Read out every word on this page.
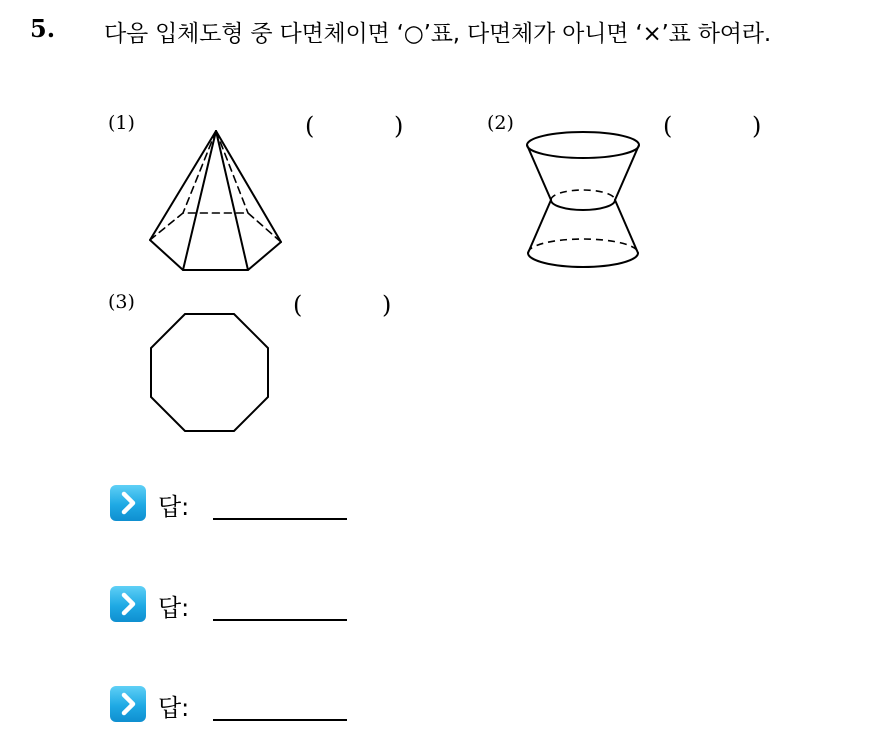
5. 다음 입체도형 중 다면체이면 ‘○’표, 다면체가 아니면 ‘×’표 하여라.
(1)	(	)	(2)	(	)
(3)	(	)
답:
답:
답:
